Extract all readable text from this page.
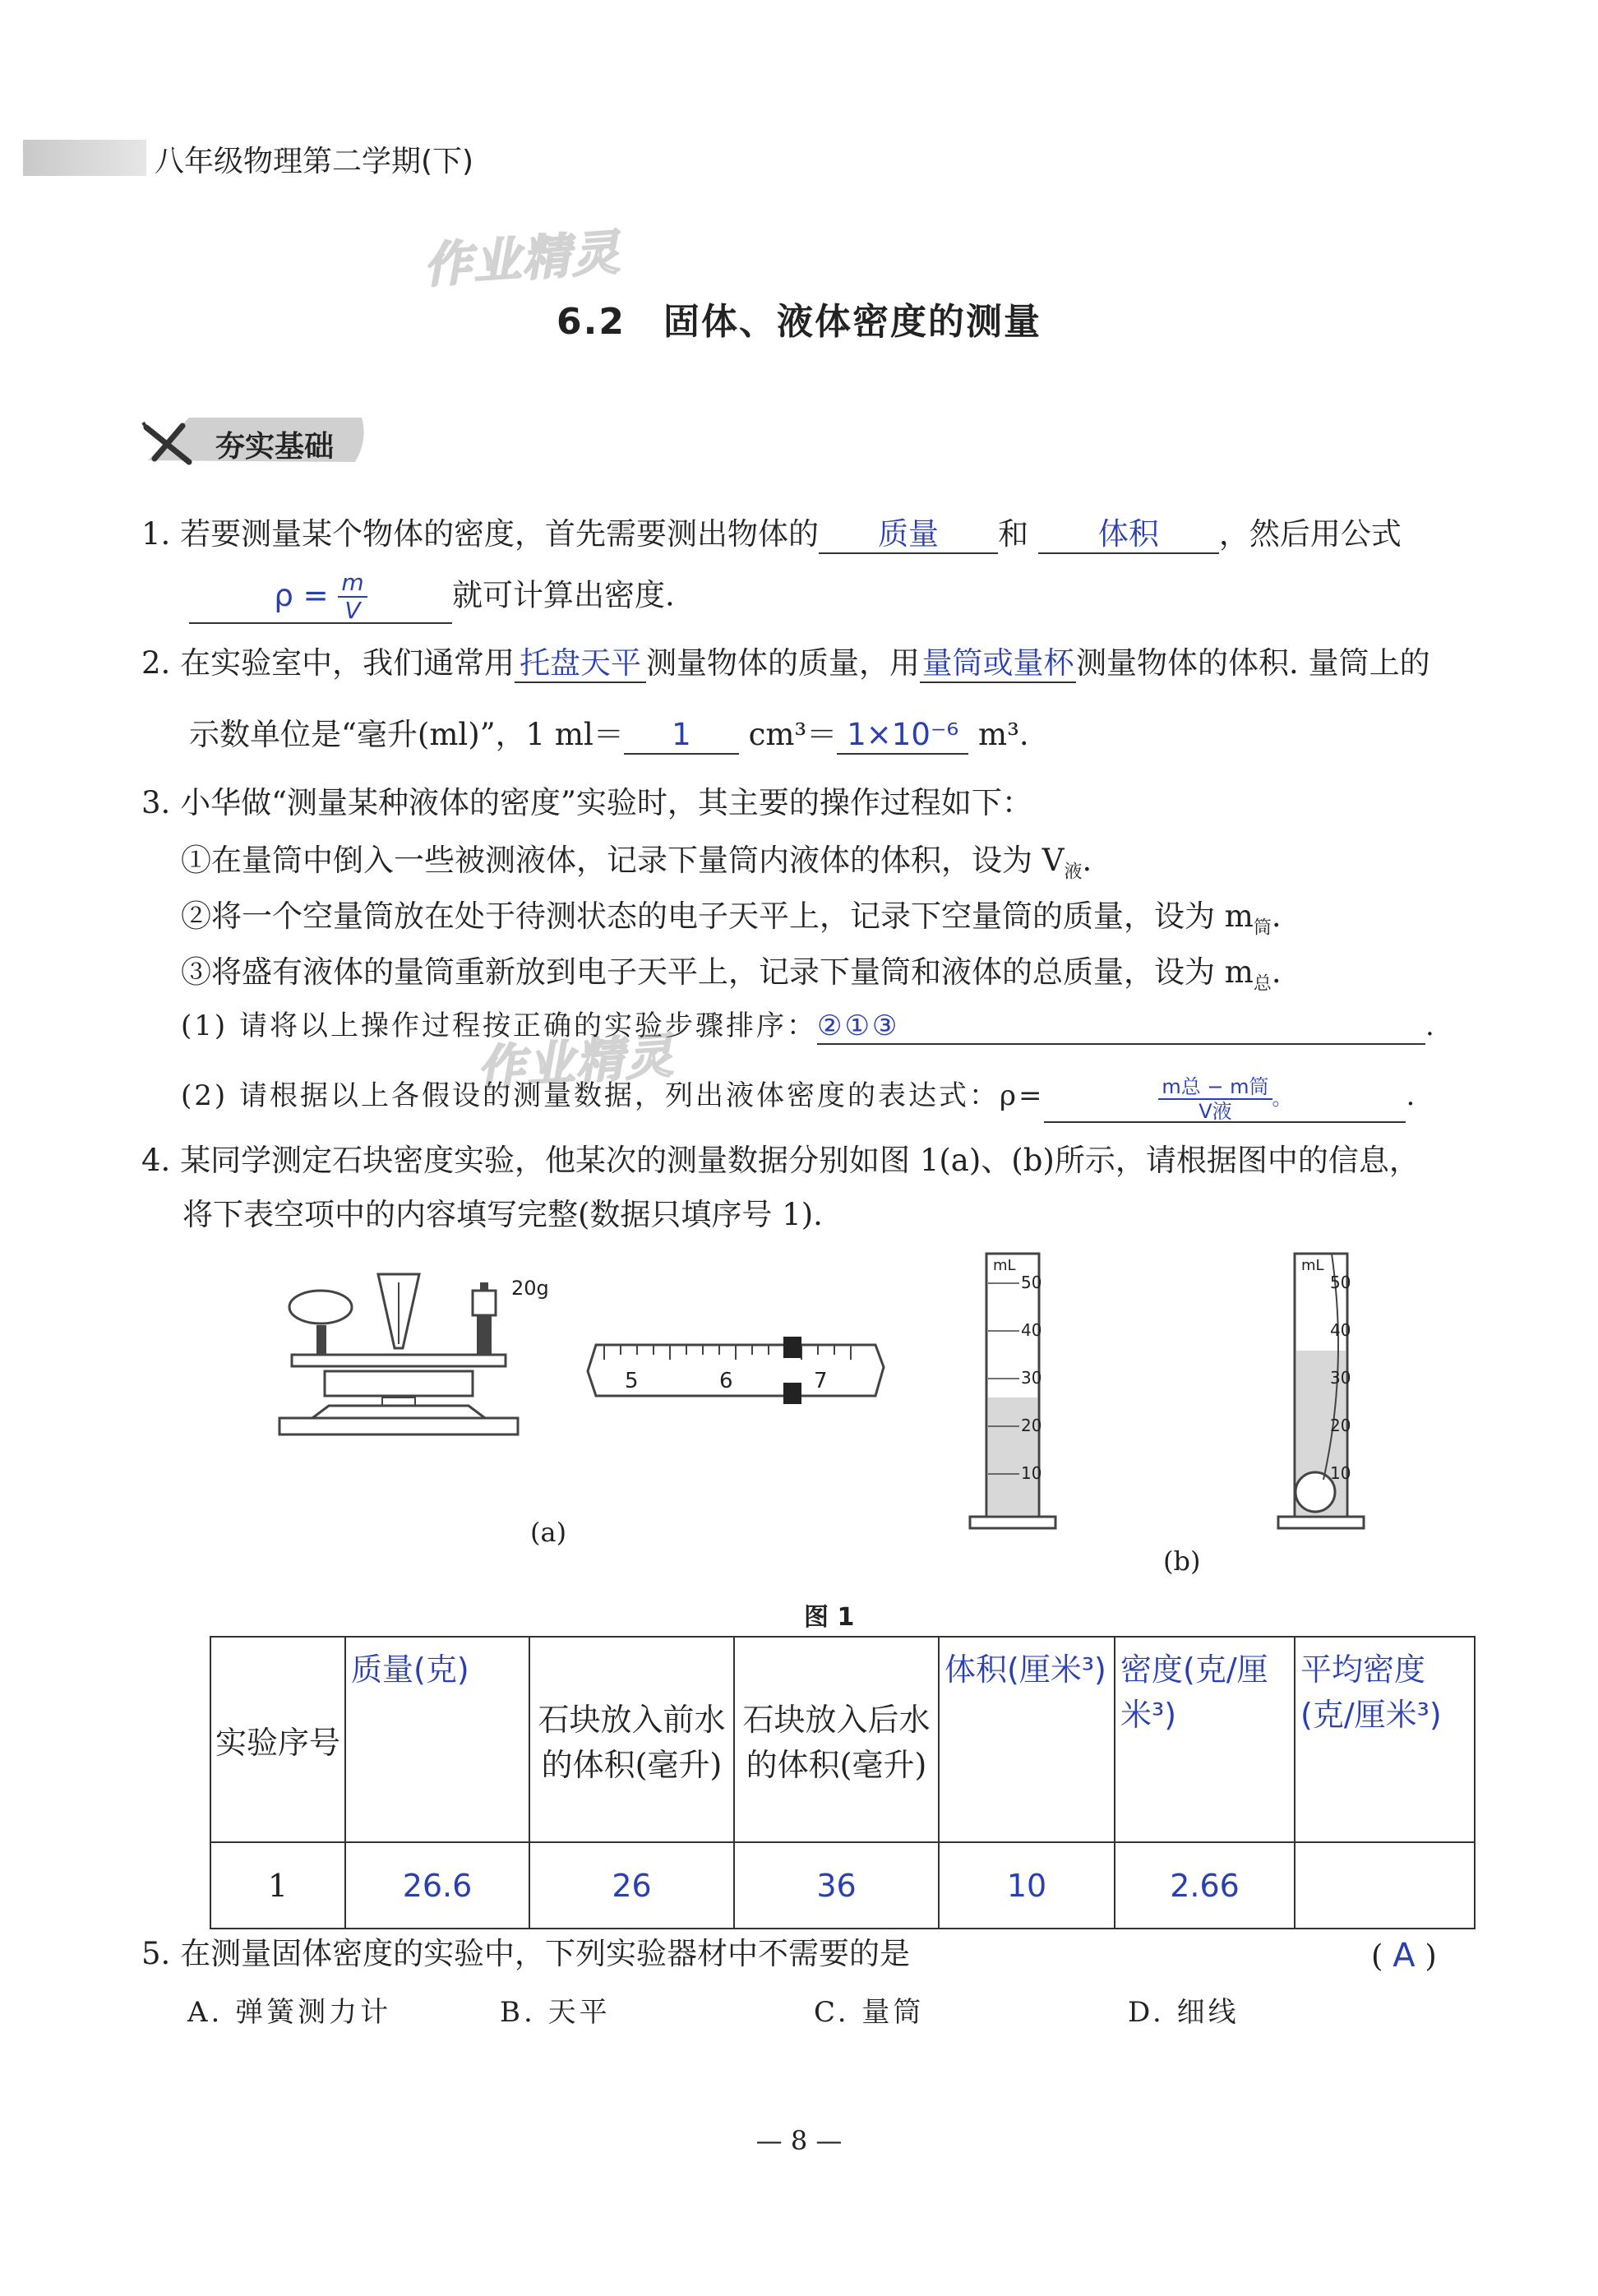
八年级物理第二学期(下)
作业精灵
作业精灵
6.2　固体、液体密度的测量
夯实基础
1. 若要测量某个物体的密度，首先需要测出物体的 质量 和 体积 ，然后用公式
$\rho = \frac{m}{V}$	就可计算出密度.
2. 在实验室中，我们通常用 托盘天平 测量物体的质量，用量筒或量杯测量物体的体积. 量筒上的
示数单位是“毫升(ml)”，1 ml＝ 1 cm³＝ 1×10⁻⁶ m³.
3. 小华做“测量某种液体的密度”实验时，其主要的操作过程如下：
①在量筒中倒入一些被测液体，记录下量筒内液体的体积，设为 $V_液$.
②将一个空量筒放在处于待测状态的电子天平上，记录下空量筒的质量，设为 $m_筒$.
③将盛有液体的量筒重新放到电子天平上，记录下量筒和液体的总质量，设为 $m_总$.
(1) 请将以上操作过程按正确的实验步骤排序：②①③	.
(2) 请根据以上各假设的测量数据，列出液体密度的表达式：ρ=	$\frac{\text{m总 − m筒}}{\text{V液}}$ 。	.
4. 某同学测定石块密度实验，他某次的测量数据分别如图 1(a)、(b)所示，请根据图中的信息，
将下表空项中的内容填写完整(数据只填序号 1).
20g
5	6	7
(a)
mL
50
40
30
20
10
mL
50
40
30
20
10
(b)
图 1
实验序号	质量(克)	石块放入前水的体积(毫升)	石块放入后水的体积(毫升)	体积(厘米³)	密度(克/厘米³)	平均密度(克/厘米³)
1	26.6	26	36	10	2.66	
5. 在测量固体密度的实验中，下列实验器材中不需要的是	( A )
A. 弹簧测力计	B. 天平	C. 量筒	D. 细线
— 8 —
